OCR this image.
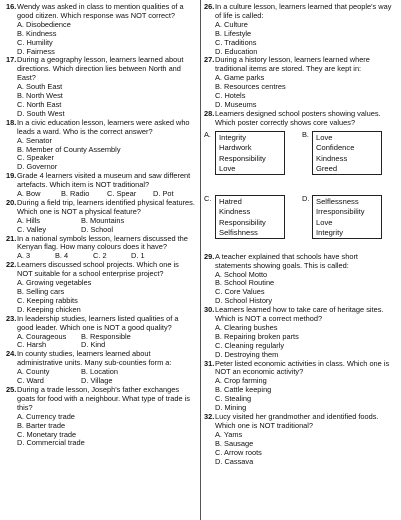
16. Wendy was asked in class to mention qualities of a good citizen. Which response was NOT correct?
A. Disobedience
B. Kindness
C. Humility
D. Fairness
17. During a geography lesson, learners learned about directions. Which direction lies between North and East?
A. South East
B. North West
C. North East
D. South West
18. In a civic education lesson, learners were asked who leads a ward. Who is the correct answer?
A. Senator
B. Member of County Assembly
C. Speaker
D. Governor
19. Grade 4 learners visited a museum and saw different artefacts. Which item is NOT traditional?
A. Bow	B. Radio	C. Spear	D. Pot
20. During a field trip, learners identified physical features. Which one is NOT a physical feature?
A. Hills	B. Mountains
C. Valley	D. School
21. In a national symbols lesson, learners discussed the Kenyan flag. How many colours does it have?
A. 3	B. 4	C. 2	D. 1
22. Learners discussed school projects. Which one is NOT suitable for a school enterprise project?
A. Growing vegetables
B. Selling cars
C. Keeping rabbits
D. Keeping chicken
23. In leadership studies, learners listed qualities of a good leader. Which one is NOT a good quality?
A. Courageous	B. Responsible
C. Harsh	D. Kind
24. In county studies, learners learned about administrative units. Many sub-counties form a:
A. County	B. Location
C. Ward	D. Village
25. During a trade lesson, Joseph's father exchanges goats for food with a neighbour. What type of trade is this?
A. Currency trade
B. Barter trade
C. Monetary trade
D. Commercial trade
26. In a culture lesson, learners learned that people's way of life is called:
A. Culture
B. Lifestyle
C. Traditions
D. Education
27. During a history lesson, learners learned where traditional items are stored. They are kept in:
A. Game parks
B. Resources centres
C. Hotels
D. Museums
28. Learners designed school posters showing values. Which poster correctly shows core values?
A. Integrity
Hardwork
Responsibility
Love
B. Love
Confidence
Kindness
Greed
C. Hatred
Kindness
Responsibility
Selfishness
D. Selflessness
Irresponsibility
Love
Integrity
29. A teacher explained that schools have short statements showing goals. This is called:
A. School Motto
B. School Routine
C. Core Values
D. School History
30. Learners learned how to take care of heritage sites. Which is NOT a correct method?
A. Clearing bushes
B. Repairing broken parts
C. Cleaning regularly
D. Destroying them
31. Peter listed economic activities in class. Which one is NOT an economic activity?
A. Crop farming
B. Cattle keeping
C. Stealing
D. Mining
32. Lucy visited her grandmother and identified foods. Which one is NOT traditional?
A. Yams
B. Sausage
C. Arrow roots
D. Cassava
